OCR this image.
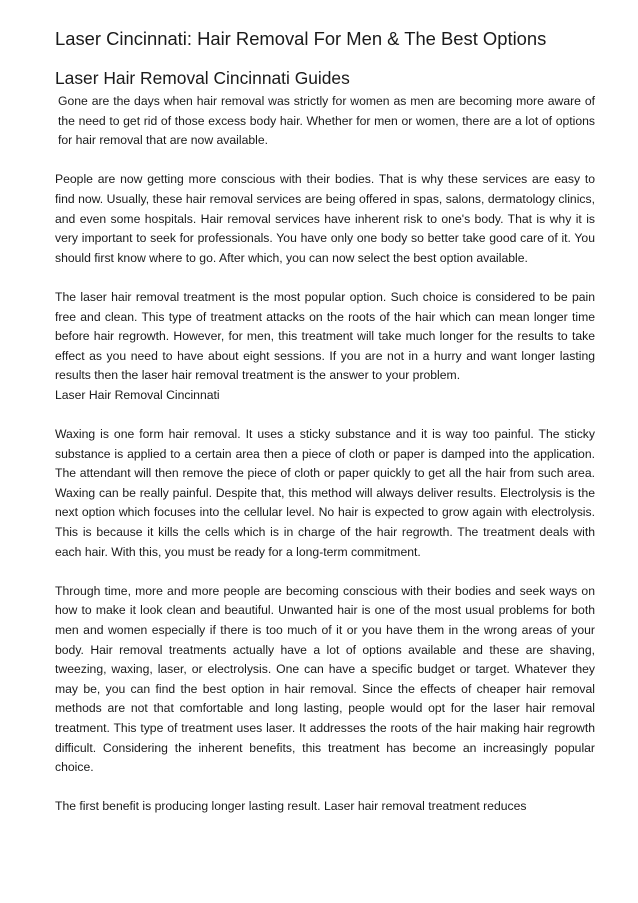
Laser Cincinnati: Hair Removal For Men & The Best Options
Laser Hair Removal Cincinnati Guides

Gone are the days when hair removal was strictly for women as men are becoming more aware of the need to get rid of those excess body hair. Whether for men or women, there are a lot of options for hair removal that are now available.

People are now getting more conscious with their bodies. That is why these services are easy to find now. Usually, these hair removal services are being offered in spas, salons, dermatology clinics, and even some hospitals. Hair removal services have inherent risk to one's body. That is why it is very important to seek for professionals. You have only one body so better take good care of it. You should first know where to go. After which, you can now select the best option available.

The laser hair removal treatment is the most popular option. Such choice is considered to be pain free and clean. This type of treatment attacks on the roots of the hair which can mean longer time before hair regrowth. However, for men, this treatment will take much longer for the results to take effect as you need to have about eight sessions. If you are not in a hurry and want longer lasting results then the laser hair removal treatment is the answer to your problem.

Laser Hair Removal Cincinnati

Waxing is one form hair removal. It uses a sticky substance and it is way too painful. The sticky substance is applied to a certain area then a piece of cloth or paper is damped into the application. The attendant will then remove the piece of cloth or paper quickly to get all the hair from such area. Waxing can be really painful. Despite that, this method will always deliver results. Electrolysis is the next option which focuses into the cellular level. No hair is expected to grow again with electrolysis. This is because it kills the cells which is in charge of the hair regrowth. The treatment deals with each hair. With this, you must be ready for a long-term commitment.

Through time, more and more people are becoming conscious with their bodies and seek ways on how to make it look clean and beautiful. Unwanted hair is one of the most usual problems for both men and women especially if there is too much of it or you have them in the wrong areas of your body. Hair removal treatments actually have a lot of options available and these are shaving, tweezing, waxing, laser, or electrolysis. One can have a specific budget or target. Whatever they may be, you can find the best option in hair removal. Since the effects of cheaper hair removal methods are not that comfortable and long lasting, people would opt for the laser hair removal treatment. This type of treatment uses laser. It addresses the roots of the hair making hair regrowth difficult. Considering the inherent benefits, this treatment has become an increasingly popular choice.

The first benefit is producing longer lasting result. Laser hair removal treatment reduces
